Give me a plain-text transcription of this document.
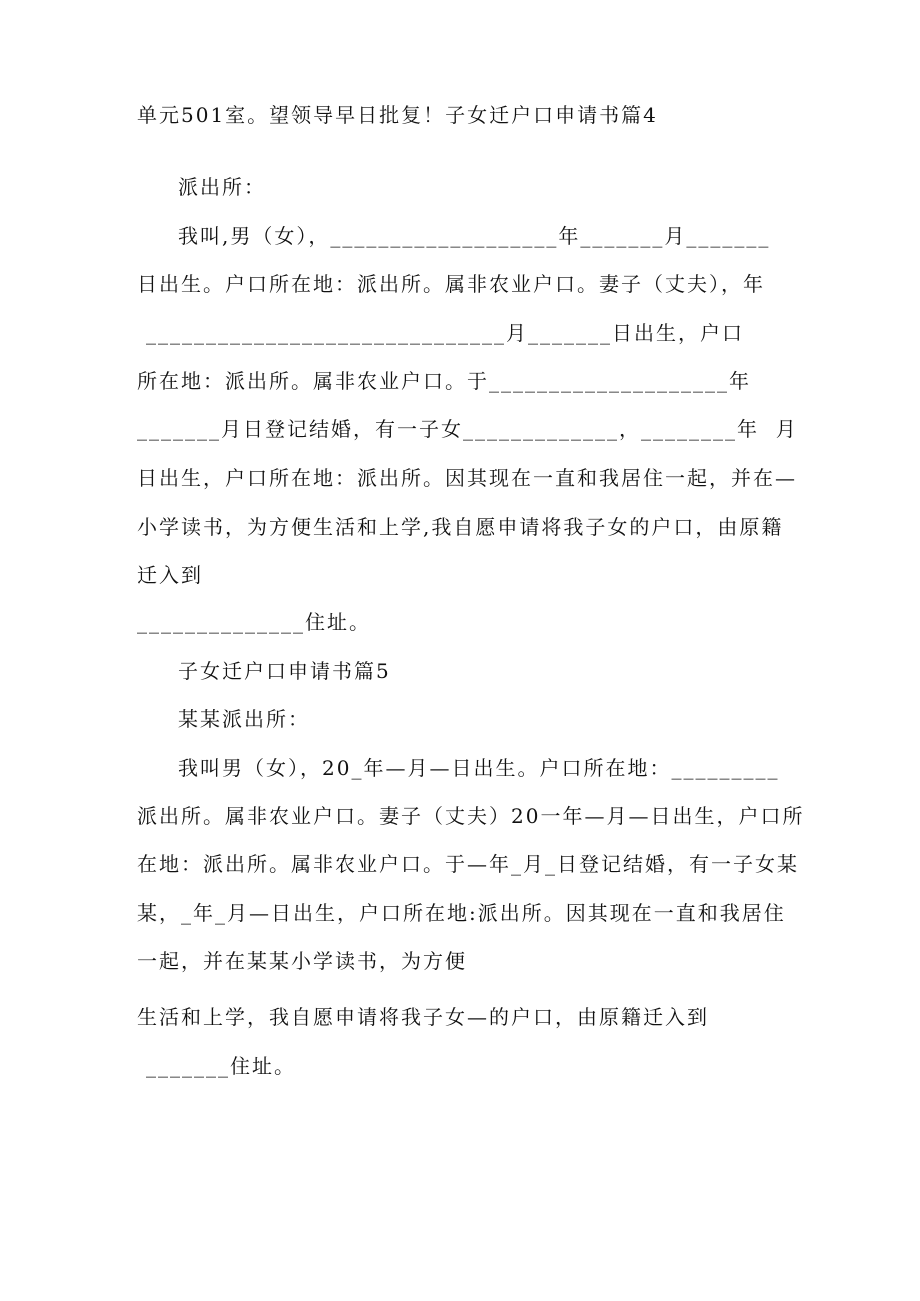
单元501室。望领导早日批复！子女迁户口申请书篇4
派出所：
我叫,男（女），___________________年_______月_______
日出生。户口所在地：派出所。属非农业户口。妻子（丈夫），年
______________________________月_______日出生，户口
所在地：派出所。属非农业户口。于____________________年
_______月日登记结婚，有一子女_____________，________年  月
日出生，户口所在地：派出所。因其现在一直和我居住一起，并在—
小学读书，为方便生活和上学,我自愿申请将我子女的户口，由原籍
迁入到
______________住址。
子女迁户口申请书篇5
某某派出所：
我叫男（女），20_年—月—日出生。户口所在地：_________
派出所。属非农业户口。妻子（丈夫）20一年—月—日出生，户口所
在地：派出所。属非农业户口。于—年_月_日登记结婚，有一子女某
某，_年_月—日出生，户口所在地:派出所。因其现在一直和我居住
一起，并在某某小学读书，为方便
生活和上学，我自愿申请将我子女—的户口，由原籍迁入到
_______住址。
